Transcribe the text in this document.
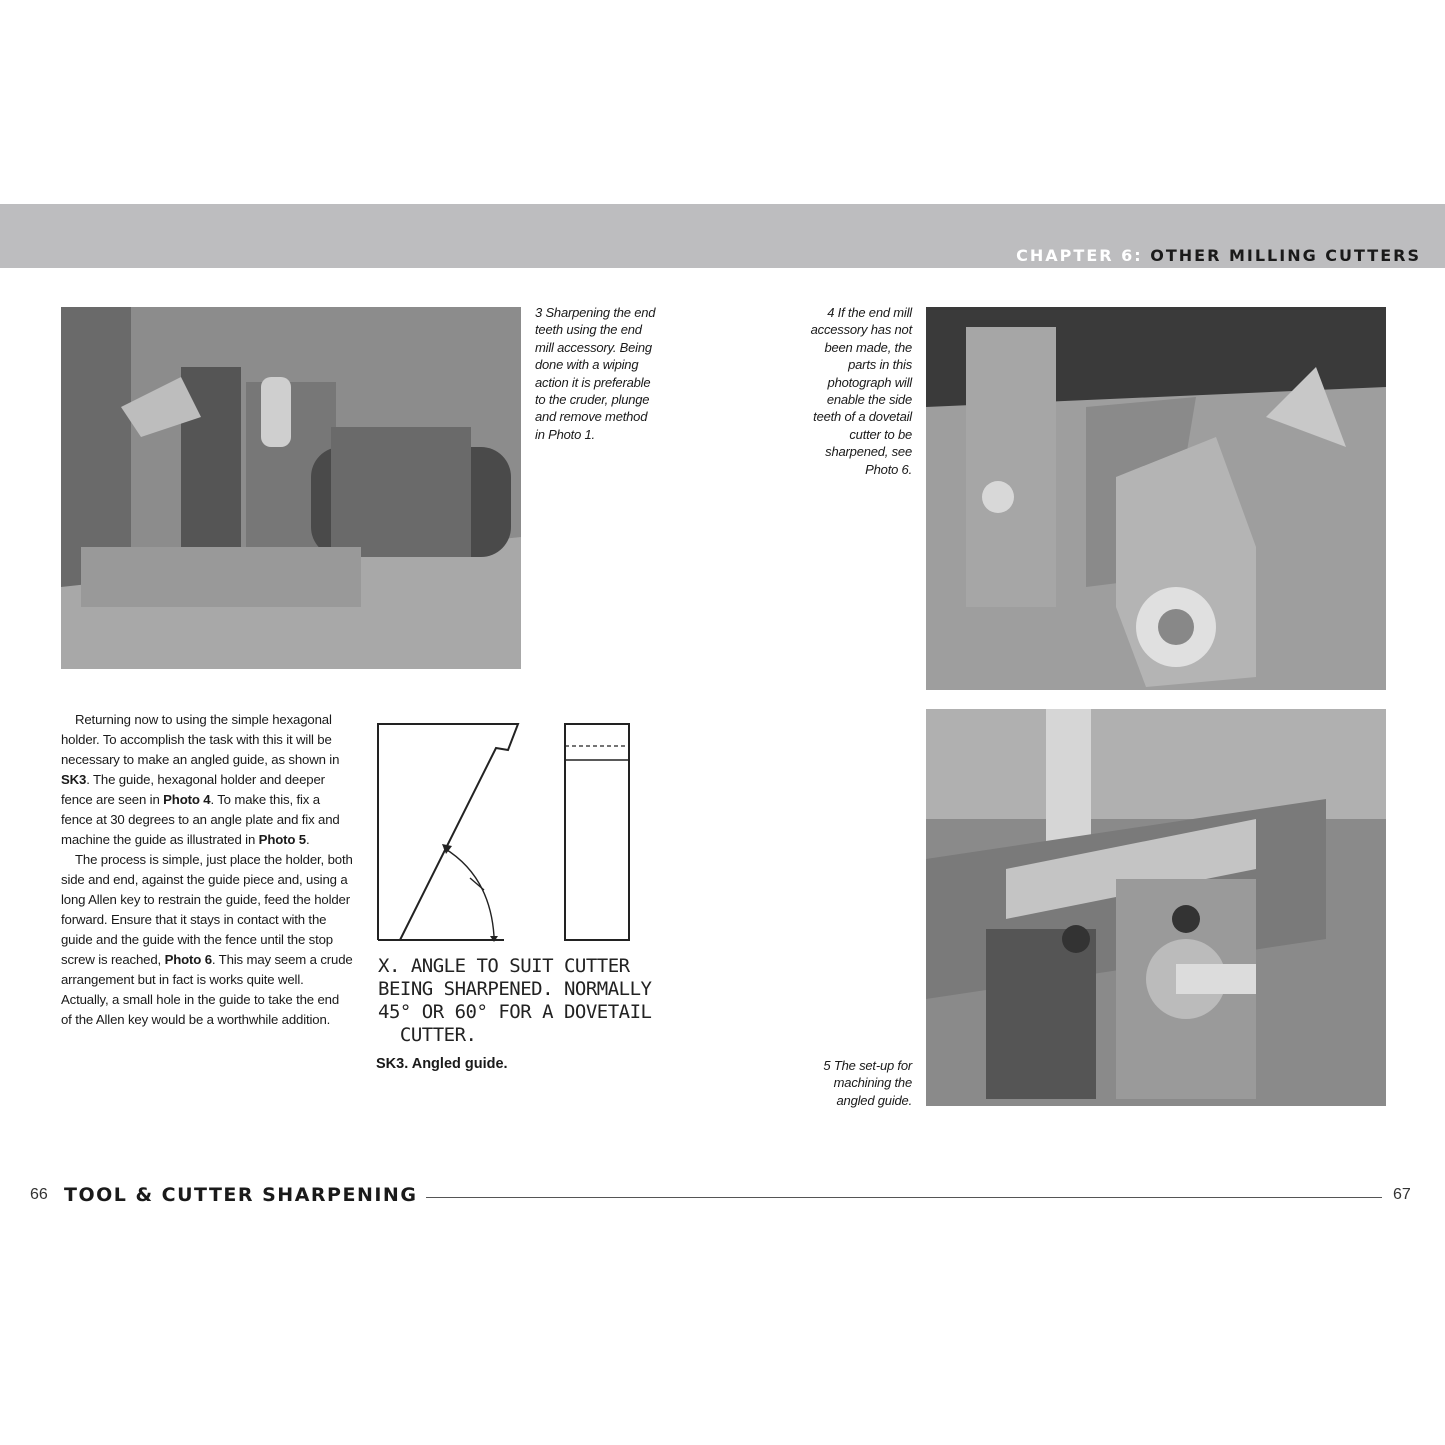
CHAPTER 6: OTHER MILLING CUTTERS
3 Sharpening the end teeth using the end mill accessory. Being done with a wiping action it is preferable to the cruder, plunge and remove method in Photo 1.
4 If the end mill accessory has not been made, the parts in this photograph will enable the side teeth of a dovetail cutter to be sharpened, see Photo 6.
5 The set-up for machining the angled guide.

Returning now to using the simple hexagonal holder. To accomplish the task with this it will be necessary to make an angled guide, as shown in SK3. The guide, hexagonal holder and deeper fence are seen in Photo 4. To make this, fix a fence at 30 degrees to an angle plate and fix and machine the guide as illustrated in Photo 5.

The process is simple, just place the holder, both side and end, against the guide piece and, using a long Allen key to restrain the guide, feed the holder forward. Ensure that it stays in contact with the guide and the guide with the fence until the stop screw is reached, Photo 6. This may seem a crude arrangement but in fact is works quite well. Actually, a small hole in the guide to take the end of the Allen key would be a worthwhile addition.

X. ANGLE TO SUIT CUTTER
BEING SHARPENED. NORMALLY
45° OR 60° FOR A DOVETAIL
CUTTER.
SK3. Angled guide.
66 TOOL & CUTTER SHARPENING	67
